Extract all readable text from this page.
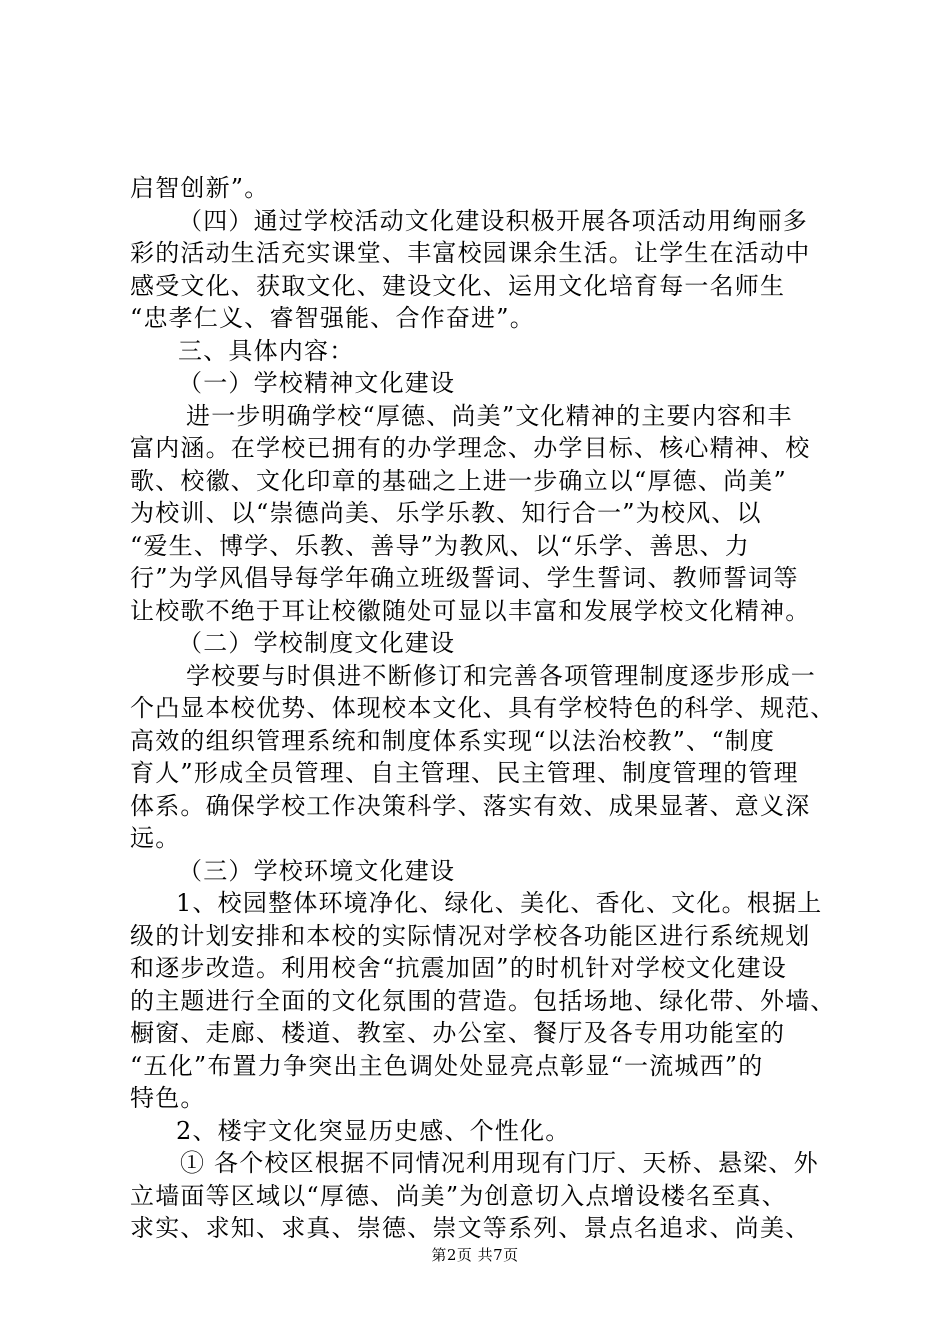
启智创新”。
（四）通过学校活动文化建设积极开展各项活动用绚丽多
彩的活动生活充实课堂、丰富校园课余生活。让学生在活动中
感受文化、获取文化、建设文化、运用文化培育每一名师生
“忠孝仁义、睿智强能、合作奋进”。
三、具体内容：
（一）学校精神文化建设
进一步明确学校“厚德、尚美”文化精神的主要内容和丰
富内涵。在学校已拥有的办学理念、办学目标、核心精神、校
歌、校徽、文化印章的基础之上进一步确立以“厚德、尚美”
为校训、以“崇德尚美、乐学乐教、知行合一”为校风、以
“爱生、博学、乐教、善导”为教风、以“乐学、善思、力
行”为学风倡导每学年确立班级誓词、学生誓词、教师誓词等
让校歌不绝于耳让校徽随处可显以丰富和发展学校文化精神。
（二）学校制度文化建设
学校要与时俱进不断修订和完善各项管理制度逐步形成一
个凸显本校优势、体现校本文化、具有学校特色的科学、规范、
高效的组织管理系统和制度体系实现“以法治校教”、“制度
育人”形成全员管理、自主管理、民主管理、制度管理的管理
体系。确保学校工作决策科学、落实有效、成果显著、意义深
远。
（三）学校环境文化建设
1、校园整体环境净化、绿化、美化、香化、文化。根据上
级的计划安排和本校的实际情况对学校各功能区进行系统规划
和逐步改造。利用校舍“抗震加固”的时机针对学校文化建设
的主题进行全面的文化氛围的营造。包括场地、绿化带、外墙、
橱窗、走廊、楼道、教室、办公室、餐厅及各专用功能室的
“五化”布置力争突出主色调处处显亮点彰显“一流城西”的
特色。
2、楼宇文化突显历史感、个性化。
① 各个校区根据不同情况利用现有门厅、天桥、悬梁、外
立墙面等区域以“厚德、尚美”为创意切入点增设楼名至真、
求实、求知、求真、崇德、崇文等系列、景点名追求、尚美、
第2页 共7页
